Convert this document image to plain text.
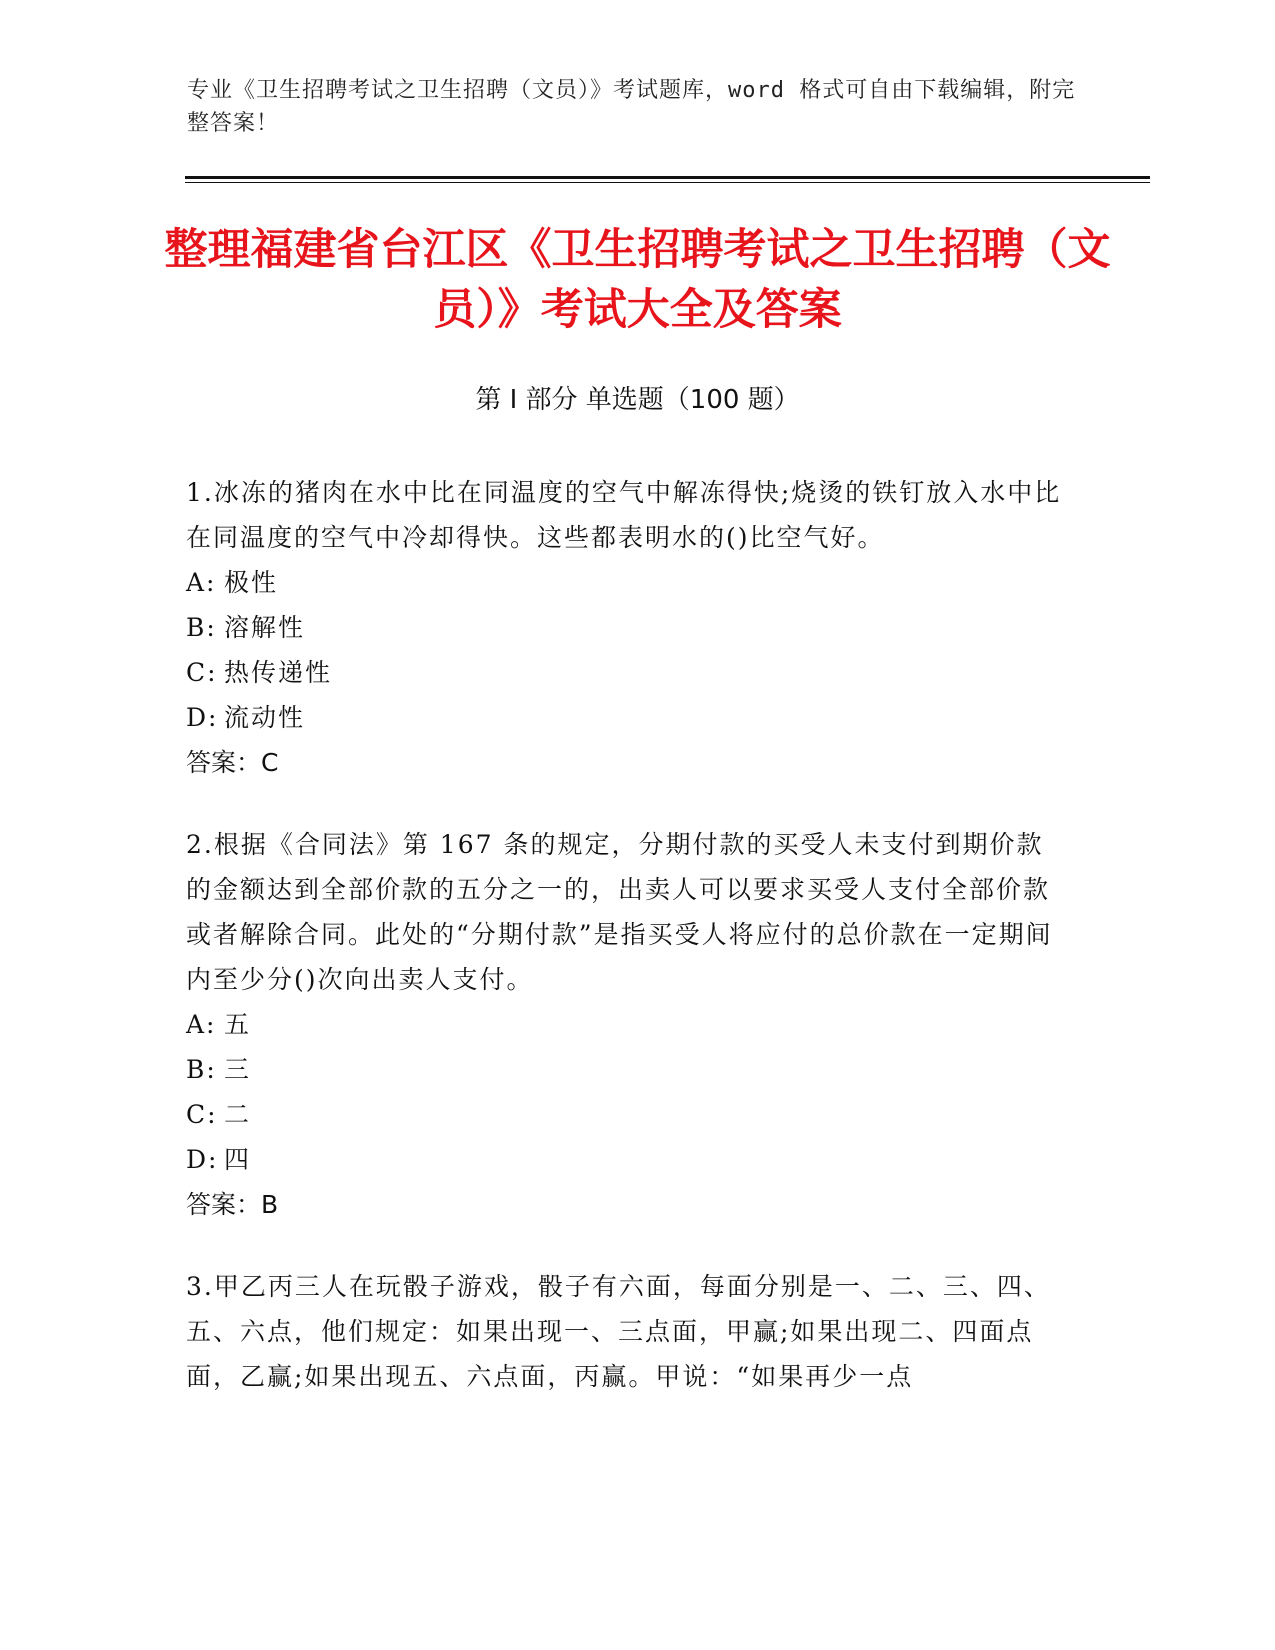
专业《卫生招聘考试之卫生招聘（文员）》考试题库，word 格式可自由下载编辑，附完整答案！
整理福建省台江区《卫生招聘考试之卫生招聘（文员）》考试大全及答案
第 I 部分 单选题（100 题）

1.冰冻的猪肉在水中比在同温度的空气中解冻得快;烧烫的铁钉放入水中比在同温度的空气中冷却得快。这些都表明水的()比空气好。

A: 极性
B: 溶解性
C: 热传递性
D: 流动性
答案：C

2.根据《合同法》第 167 条的规定，分期付款的买受人未支付到期价款的金额达到全部价款的五分之一的，出卖人可以要求买受人支付全部价款或者解除合同。此处的“分期付款”是指买受人将应付的总价款在一定期间内至少分()次向出卖人支付。

A: 五
B: 三
C: 二
D: 四
答案：B

3.甲乙丙三人在玩骰子游戏，骰子有六面，每面分别是一、二、三、四、五、六点，他们规定：如果出现一、三点面，甲赢;如果出现二、四面点面，乙赢;如果出现五、六点面，丙赢。甲说：“如果再少一点
